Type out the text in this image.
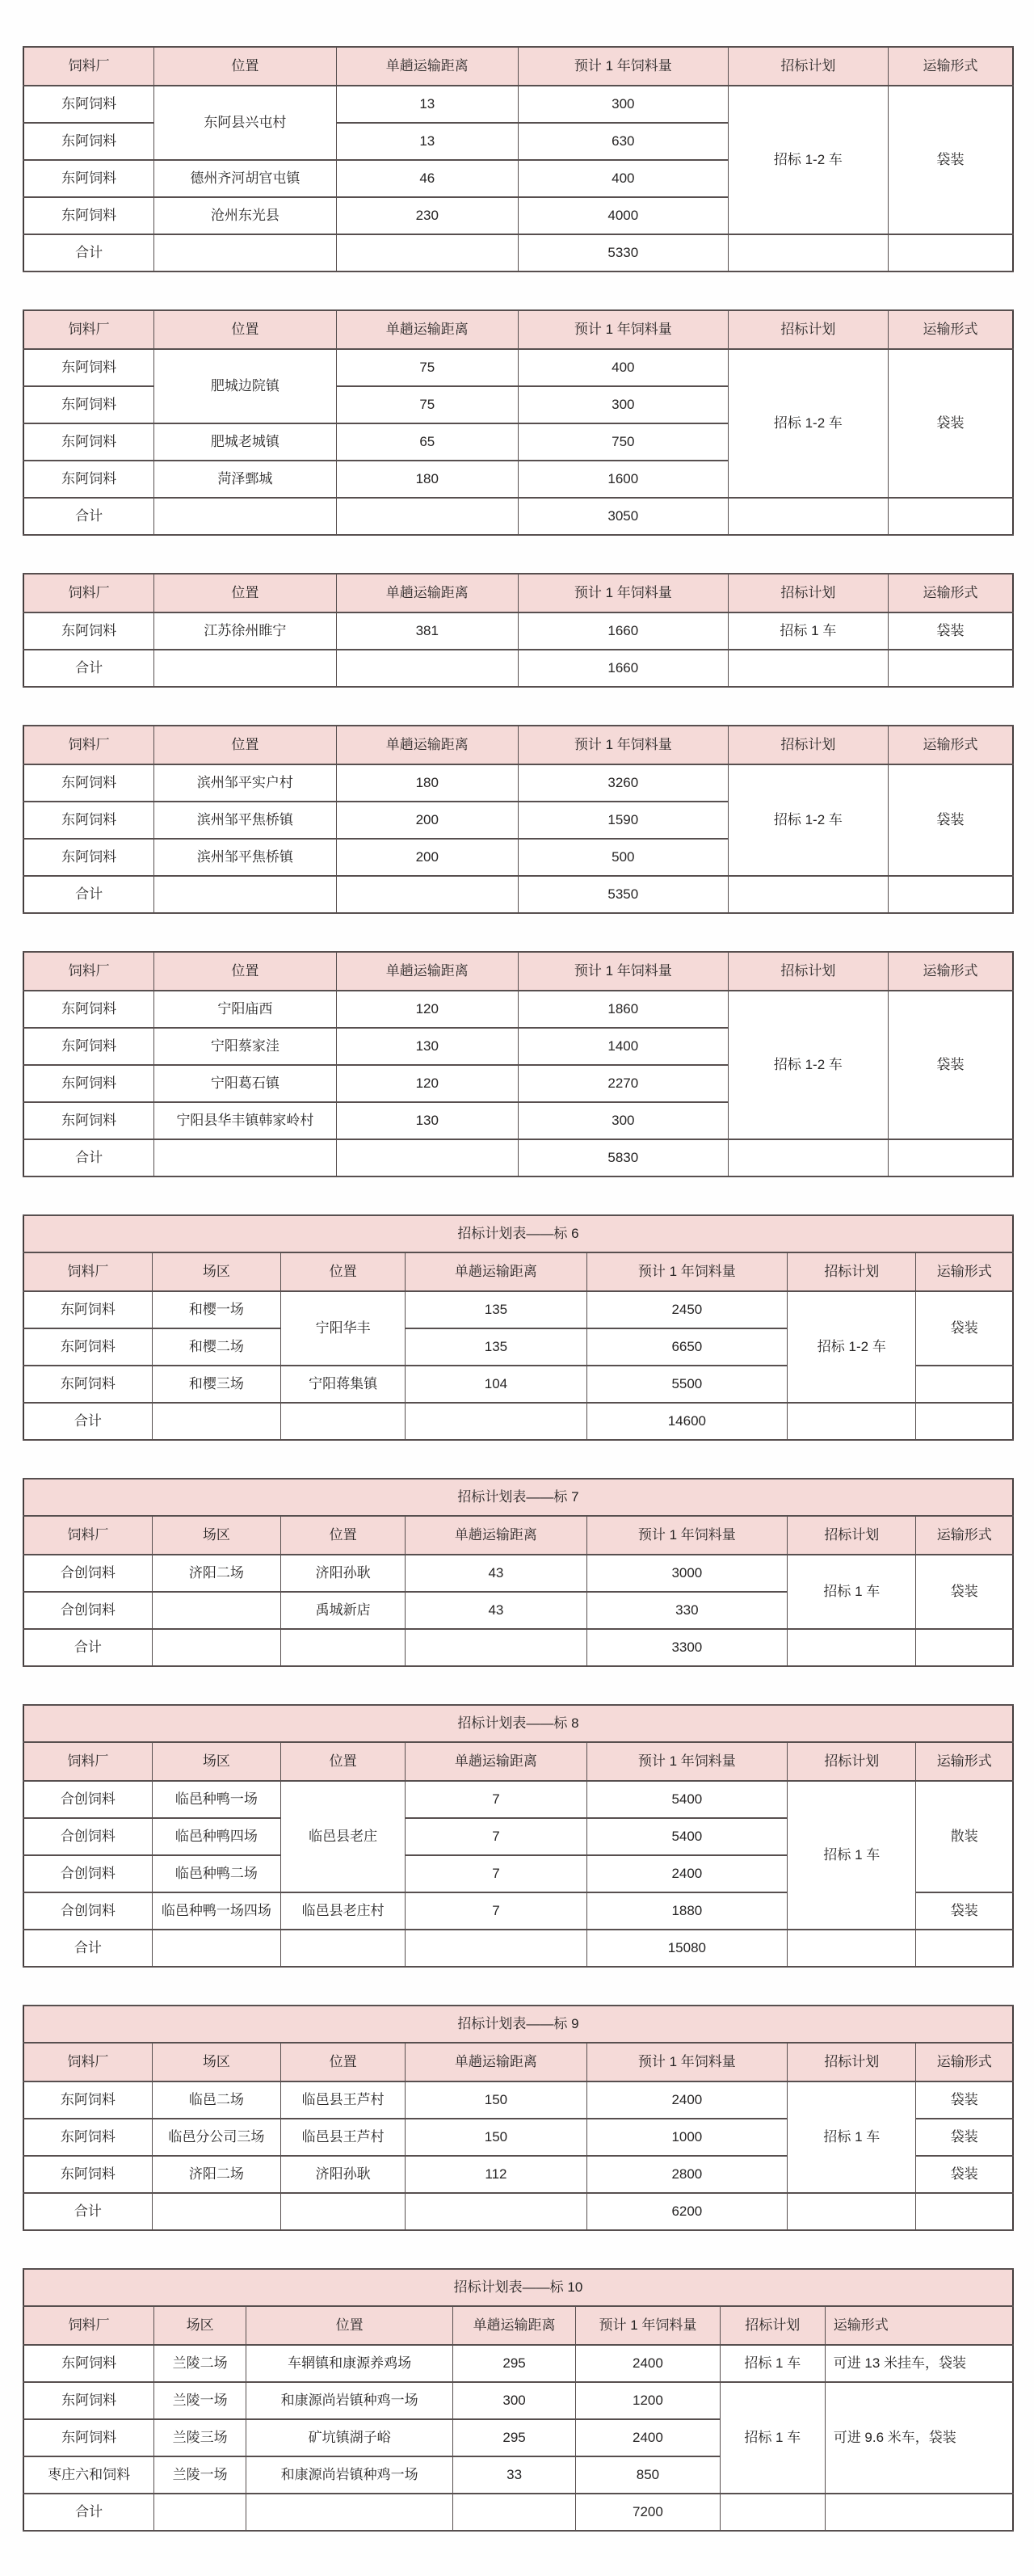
饲料厂	位置	单趟运输距离	预计 1 年饲料量	招标计划	运输形式
东阿饲料	东阿县兴屯村	13	300	招标 1-2 车	袋装
东阿饲料		13	630		
东阿饲料	德州齐河胡官屯镇	46	400		
东阿饲料	沧州东光县	230	4000		
合计			5330		
饲料厂	位置	单趟运输距离	预计 1 年饲料量	招标计划	运输形式
东阿饲料	肥城边院镇	75	400	招标 1-2 车	袋装
东阿饲料		75	300		
东阿饲料	肥城老城镇	65	750		
东阿饲料	菏泽鄄城	180	1600		
合计			3050		
饲料厂	位置	单趟运输距离	预计 1 年饲料量	招标计划	运输形式
东阿饲料	江苏徐州睢宁	381	1660	招标 1 车	袋装
合计			1660		
饲料厂	位置	单趟运输距离	预计 1 年饲料量	招标计划	运输形式
东阿饲料	滨州邹平实户村	180	3260	招标 1-2 车	袋装
东阿饲料	滨州邹平焦桥镇	200	1590		
东阿饲料	滨州邹平焦桥镇	200	500		
合计			5350		
饲料厂	位置	单趟运输距离	预计 1 年饲料量	招标计划	运输形式
东阿饲料	宁阳庙西	120	1860	招标 1-2 车	袋装
东阿饲料	宁阳蔡家洼	130	1400		
东阿饲料	宁阳葛石镇	120	2270		
东阿饲料	宁阳县华丰镇韩家岭村	130	300		
合计			5830		
招标计划表——标 6						
饲料厂	场区	位置	单趟运输距离	预计 1 年饲料量	招标计划	运输形式
东阿饲料	和樱一场	宁阳华丰	135	2450	招标 1-2 车	袋装
东阿饲料	和樱二场		135	6650		
东阿饲料	和樱三场	宁阳蒋集镇	104	5500		
合计				14600		
招标计划表——标 7						
饲料厂	场区	位置	单趟运输距离	预计 1 年饲料量	招标计划	运输形式
合创饲料	济阳二场	济阳孙耿	43	3000	招标 1 车	袋装
合创饲料		禹城新店	43	330		
合计				3300		
招标计划表——标 8						
饲料厂	场区	位置	单趟运输距离	预计 1 年饲料量	招标计划	运输形式
合创饲料	临邑种鸭一场	临邑县老庄	7	5400	招标 1 车	散装
合创饲料	临邑种鸭四场		7	5400		
合创饲料	临邑种鸭二场		7	2400		
合创饲料	临邑种鸭一场四场	临邑县老庄村	7	1880		袋装
合计				15080		
招标计划表——标 9						
饲料厂	场区	位置	单趟运输距离	预计 1 年饲料量	招标计划	运输形式
东阿饲料	临邑二场	临邑县王芦村	150	2400	招标 1 车	袋装
东阿饲料	临邑分公司三场	临邑县王芦村	150	1000		袋装
东阿饲料	济阳二场	济阳孙耿	112	2800		袋装
合计				6200		
招标计划表——标 10						
饲料厂	场区	位置	单趟运输距离	预计 1 年饲料量	招标计划	运输形式
东阿饲料	兰陵二场	车辋镇和康源养鸡场	295	2400	招标 1 车	可进 13 米挂车，袋装
东阿饲料	兰陵一场	和康源尚岩镇种鸡一场	300	1200	招标 1 车	可进 9.6 米车，袋装
东阿饲料	兰陵三场	矿坑镇湖子峪	295	2400		
枣庄六和饲料	兰陵一场	和康源尚岩镇种鸡一场	33	850		
合计				7200		
